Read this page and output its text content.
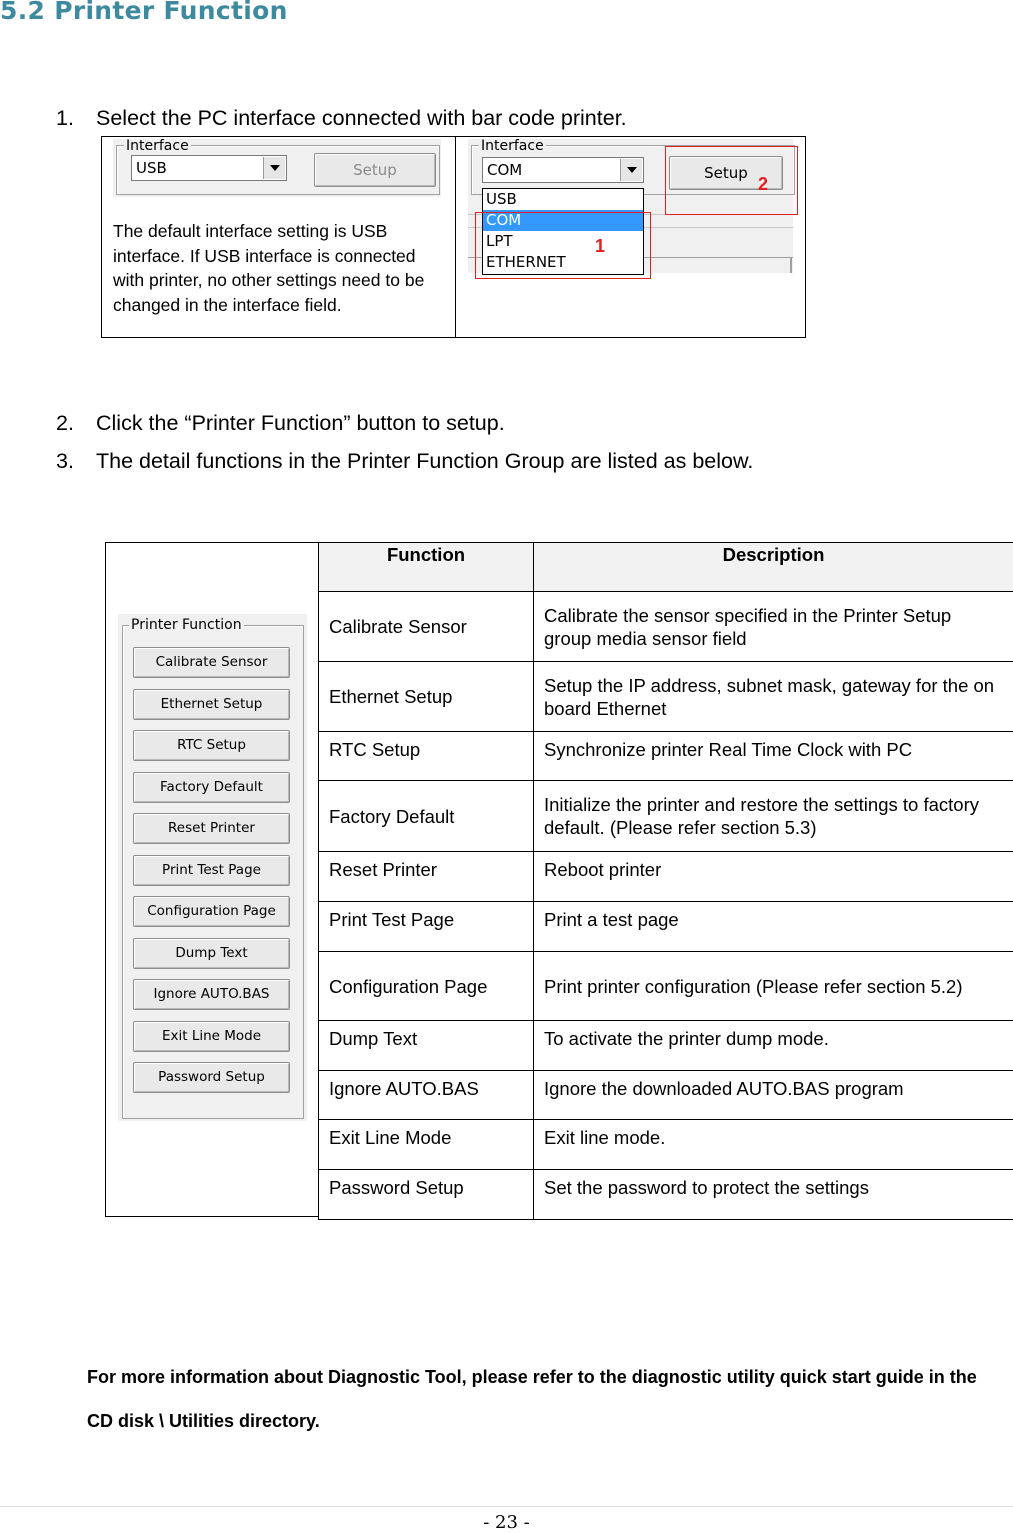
5.2 Printer Function
1. Select the PC interface connected with bar code printer.
Interface
USB	Setup
The default interface setting is USB interface. If USB interface is connected with printer, no other settings need to be changed in the interface field.
Interface
COM	Setup
USB
COM
LPT
ETHERNET
1
2
2. Click the “Printer Function” button to setup.
3. The detail functions in the Printer Function Group are listed as below.
Function	Description
Calibrate Sensor	Calibrate the sensor specified in the Printer Setup group media sensor field
Ethernet Setup	Setup the IP address, subnet mask, gateway for the on board Ethernet
RTC Setup	Synchronize printer Real Time Clock with PC
Factory Default	Initialize the printer and restore the settings to factory default. (Please refer section 5.3)
Reset Printer	Reboot printer
Print Test Page	Print a test page
Configuration Page	Print printer configuration (Please refer section 5.2)
Dump Text	To activate the printer dump mode.
Ignore AUTO.BAS	Ignore the downloaded AUTO.BAS program
Exit Line Mode	Exit line mode.
Password Setup	Set the password to protect the settings
Printer Function
Calibrate Sensor
Ethernet Setup
RTC Setup
Factory Default
Reset Printer
Print Test Page
Configuration Page
Dump Text
Ignore AUTO.BAS
Exit Line Mode
Password Setup
For more information about Diagnostic Tool, please refer to the diagnostic utility quick start guide in the CD disk \ Utilities directory.
- 23 -
